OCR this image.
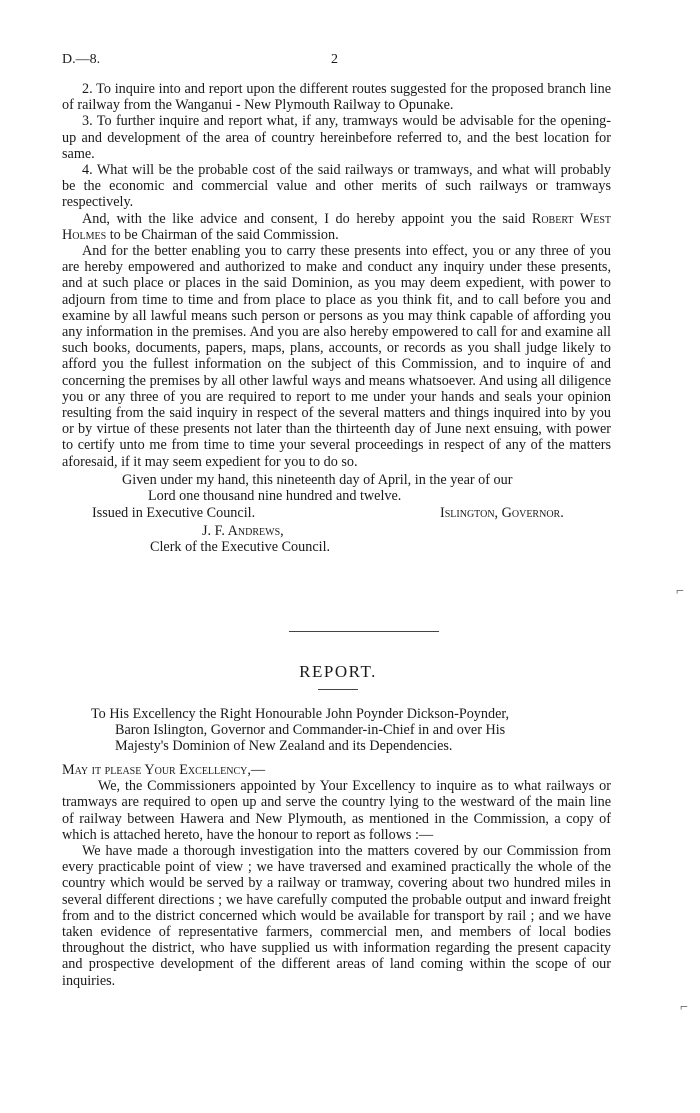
D.—8.	2

2. To inquire into and report upon the different routes suggested for the proposed branch line of railway from the Wanganui - New Plymouth Railway to Opunake.

3. To further inquire and report what, if any, tramways would be advisable for the opening-up and development of the area of country hereinbefore referred to, and the best location for same.

4. What will be the probable cost of the said railways or tramways, and what will probably be the economic and commercial value and other merits of such railways or tramways respectively.

And, with the like advice and consent, I do hereby appoint you the said Robert West Holmes to be Chairman of the said Commission.

And for the better enabling you to carry these presents into effect, you or any three of you are hereby empowered and authorized to make and conduct any inquiry under these presents, and at such place or places in the said Dominion, as you may deem expedient, with power to adjourn from time to time and from place to place as you think fit, and to call before you and examine by all lawful means such person or persons as you may think capable of affording you any information in the premises. And you are also hereby empowered to call for and examine all such books, documents, papers, maps, plans, accounts, or records as you shall judge likely to afford you the fullest information on the subject of this Commission, and to inquire of and concerning the premises by all other lawful ways and means whatsoever. And using all diligence you or any three of you are required to report to me under your hands and seals your opinion resulting from the said inquiry in respect of the several matters and things inquired into by you or by virtue of these presents not later than the thirteenth day of June next ensuing, with power to certify unto me from time to time your several proceedings in respect of any of the matters aforesaid, if it may seem expedient for you to do so.

Given under my hand, this nineteenth day of April, in the year of our
Lord one thousand nine hundred and twelve.
Issued in Executive Council.	Islington, Governor.
J. F. Andrews,
Clerk of the Executive Council.
REPORT.
To His Excellency the Right Honourable John Poynder Dickson-Poynder,
Baron Islington, Governor and Commander-in-Chief in and over His
Majesty's Dominion of New Zealand and its Dependencies.

May it please Your Excellency,—

We, the Commissioners appointed by Your Excellency to inquire as to what railways or tramways are required to open up and serve the country lying to the westward of the main line of railway between Hawera and New Plymouth, as mentioned in the Commission, a copy of which is attached hereto, have the honour to report as follows :—

We have made a thorough investigation into the matters covered by our Commission from every practicable point of view ; we have traversed and examined practically the whole of the country which would be served by a railway or tramway, covering about two hundred miles in several different directions ; we have carefully computed the probable output and inward freight from and to the district concerned which would be available for transport by rail ; and we have taken evidence of representative farmers, commercial men, and members of local bodies throughout the district, who have supplied us with information regarding the present capacity and prospective development of the different areas of land coming within the scope of our inquiries.

⌐
⌐
